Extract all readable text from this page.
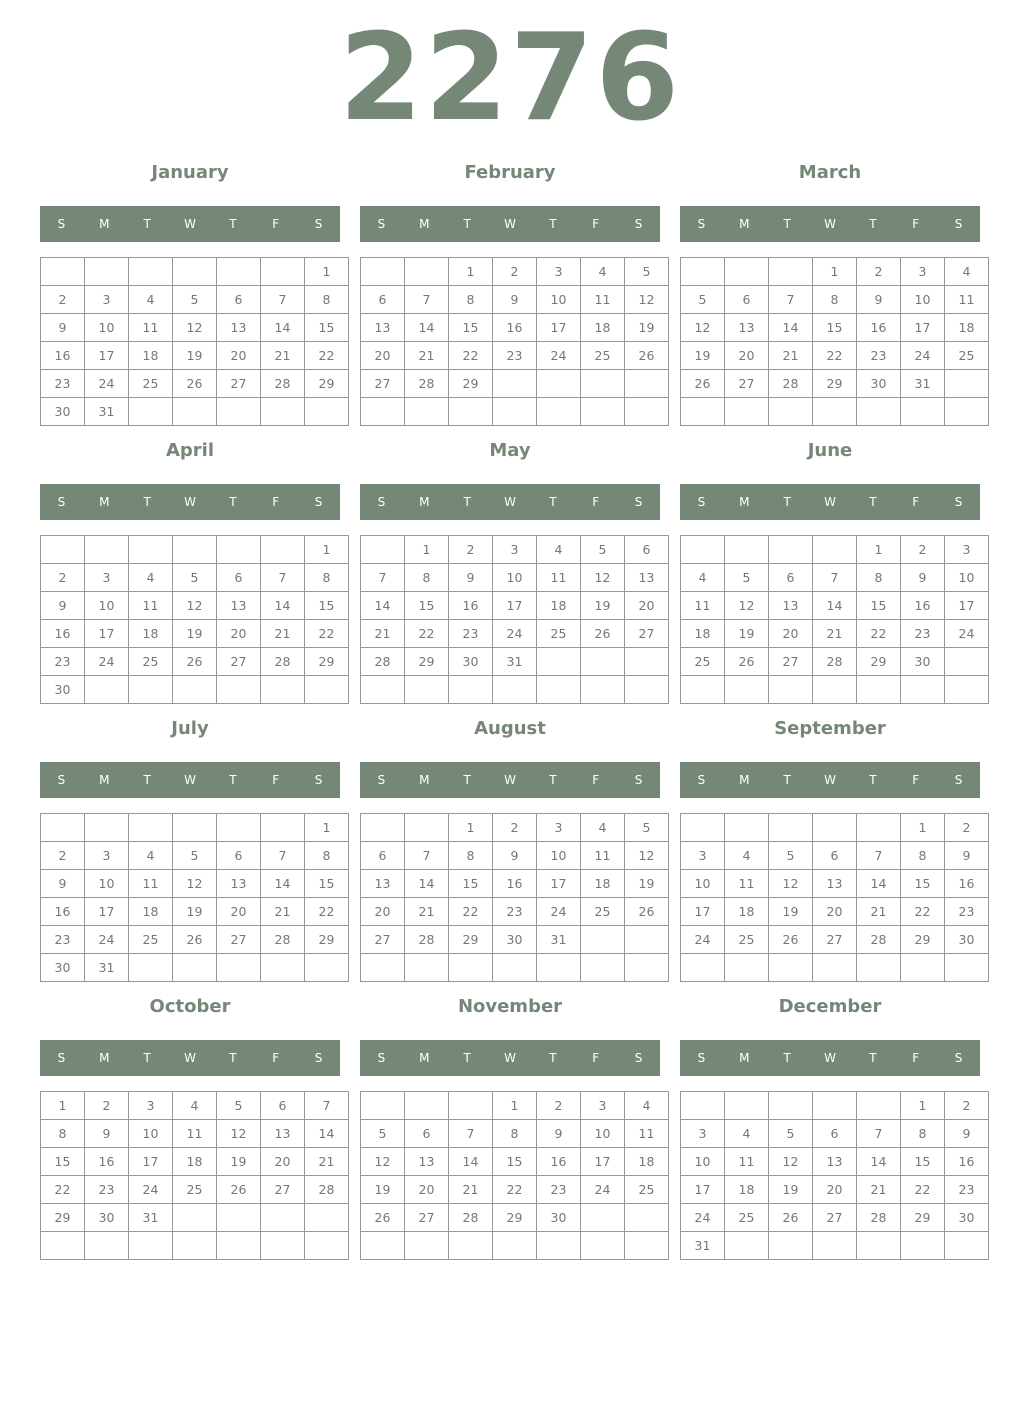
2276
January
S	M	T	W	T	F	S
						1
2	3	4	5	6	7	8
9	10	11	12	13	14	15
16	17	18	19	20	21	22
23	24	25	26	27	28	29
30	31					
February
S	M	T	W	T	F	S
		1	2	3	4	5
6	7	8	9	10	11	12
13	14	15	16	17	18	19
20	21	22	23	24	25	26
27	28	29				

March
S	M	T	W	T	F	S
			1	2	3	4
5	6	7	8	9	10	11
12	13	14	15	16	17	18
19	20	21	22	23	24	25
26	27	28	29	30	31	

April
S	M	T	W	T	F	S
						1
2	3	4	5	6	7	8
9	10	11	12	13	14	15
16	17	18	19	20	21	22
23	24	25	26	27	28	29
30						
May
S	M	T	W	T	F	S
	1	2	3	4	5	6
7	8	9	10	11	12	13
14	15	16	17	18	19	20
21	22	23	24	25	26	27
28	29	30	31			

June
S	M	T	W	T	F	S
				1	2	3
4	5	6	7	8	9	10
11	12	13	14	15	16	17
18	19	20	21	22	23	24
25	26	27	28	29	30	

July
S	M	T	W	T	F	S
						1
2	3	4	5	6	7	8
9	10	11	12	13	14	15
16	17	18	19	20	21	22
23	24	25	26	27	28	29
30	31					
August
S	M	T	W	T	F	S
		1	2	3	4	5
6	7	8	9	10	11	12
13	14	15	16	17	18	19
20	21	22	23	24	25	26
27	28	29	30	31		

September
S	M	T	W	T	F	S
					1	2
3	4	5	6	7	8	9
10	11	12	13	14	15	16
17	18	19	20	21	22	23
24	25	26	27	28	29	30

October
S	M	T	W	T	F	S
1	2	3	4	5	6	7
8	9	10	11	12	13	14
15	16	17	18	19	20	21
22	23	24	25	26	27	28
29	30	31				

November
S	M	T	W	T	F	S
			1	2	3	4
5	6	7	8	9	10	11
12	13	14	15	16	17	18
19	20	21	22	23	24	25
26	27	28	29	30		

December
S	M	T	W	T	F	S
					1	2
3	4	5	6	7	8	9
10	11	12	13	14	15	16
17	18	19	20	21	22	23
24	25	26	27	28	29	30
31						
